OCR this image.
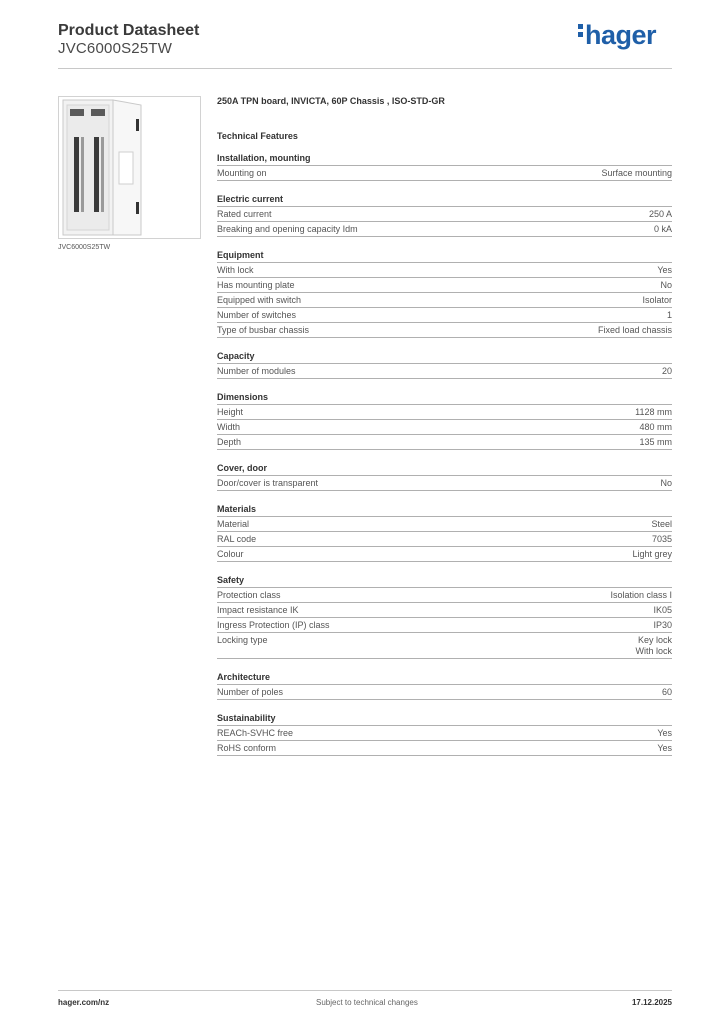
Product Datasheet
JVC6000S25TW	hager
JVC6000S25TW
250A TPN board, INVICTA, 60P Chassis , ISO-STD-GR
Technical Features
Installation, mounting
Mounting on	Surface mounting
Electric current
Rated current	250 A
Breaking and opening capacity Idm	0 kA
Equipment
With lock	Yes
Has mounting plate	No
Equipped with switch	Isolator
Number of switches	1
Type of busbar chassis	Fixed load chassis
Capacity
Number of modules	20
Dimensions
Height	1128 mm
Width	480 mm
Depth	135 mm
Cover, door
Door/cover is transparent	No
Materials
Material	Steel
RAL code	7035
Colour	Light grey
Safety
Protection class	Isolation class I
Impact resistance IK	IK05
Ingress Protection (IP) class	IP30
Locking type	Key lock
With lock
Architecture
Number of poles	60
Sustainability
REACh-SVHC free	Yes
RoHS conform	Yes
hager.com/nz	Subject to technical changes	17.12.2025
